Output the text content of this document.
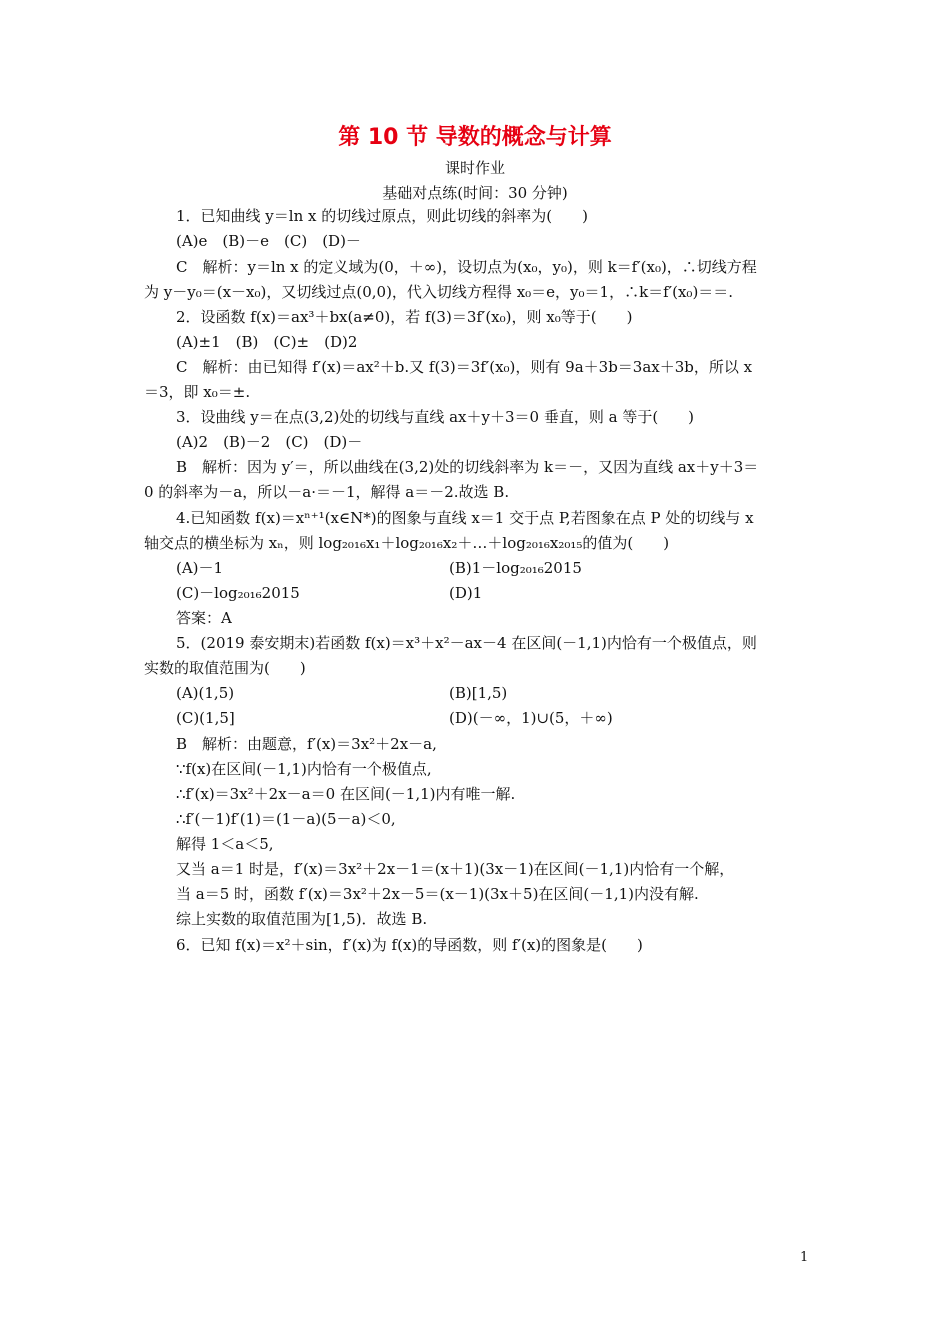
第 10 节 导数的概念与计算
课时作业
基础对点练(时间：30 分钟)
1．已知曲线 y＝ln x 的切线过原点，则此切线的斜率为(　　)
(A)e　(B)－e　(C)　(D)－
C　解析：y＝ln x 的定义域为(0，＋∞)，设切点为(x₀，y₀)，则 k＝f′(x₀)，∴切线方程
为 y－y₀＝(x－x₀)，又切线过点(0,0)，代入切线方程得 x₀＝e，y₀＝1，∴k＝f′(x₀)＝＝.
2．设函数 f(x)＝ax³＋bx(a≠0)，若 f(3)＝3f′(x₀)，则 x₀等于(　　)
(A)±1　(B)　(C)±　(D)2
C　解析：由已知得 f′(x)＝ax²＋b.又 f(3)＝3f′(x₀)，则有 9a＋3b＝3ax＋3b，所以 x
＝3，即 x₀＝±.
3．设曲线 y＝在点(3,2)处的切线与直线 ax＋y＋3＝0 垂直，则 a 等于(　　)
(A)2　(B)－2　(C)　(D)－
B　解析：因为 y′＝，所以曲线在(3,2)处的切线斜率为 k＝－，又因为直线 ax＋y＋3＝
0 的斜率为－a，所以－a·＝－1，解得 a＝－2.故选 B.
4.已知函数 f(x)＝xⁿ⁺¹(x∈N*)的图象与直线 x＝1 交于点 P,若图象在点 P 处的切线与 x
轴交点的横坐标为 xₙ，则 log₂₀₁₆x₁＋log₂₀₁₆x₂＋…＋log₂₀₁₆x₂₀₁₅的值为(　　)
(A)－1	(B)1－log₂₀₁₆2015
(C)－log₂₀₁₆2015	(D)1
答案：A
5．(2019 泰安期末)若函数 f(x)＝x³＋x²－ax－4 在区间(－1,1)内恰有一个极值点，则
实数的取值范围为(　　)
(A)(1,5)	(B)[1,5)
(C)(1,5]	(D)(－∞，1)∪(5，＋∞)
B　解析：由题意，f′(x)＝3x²＋2x－a,
∵f(x)在区间(－1,1)内恰有一个极值点,
∴f′(x)＝3x²＋2x－a＝0 在区间(－1,1)内有唯一解.
∴f′(－1)f′(1)＝(1－a)(5－a)＜0,
解得 1＜a＜5,
又当 a＝1 时是，f′(x)＝3x²＋2x－1＝(x＋1)(3x－1)在区间(－1,1)内恰有一个解，
当 a＝5 时，函数 f′(x)＝3x²＋2x－5＝(x－1)(3x＋5)在区间(－1,1)内没有解.
综上实数的取值范围为[1,5)．故选 B.
6．已知 f(x)＝x²＋sin，f′(x)为 f(x)的导函数，则 f′(x)的图象是(　　)
1
